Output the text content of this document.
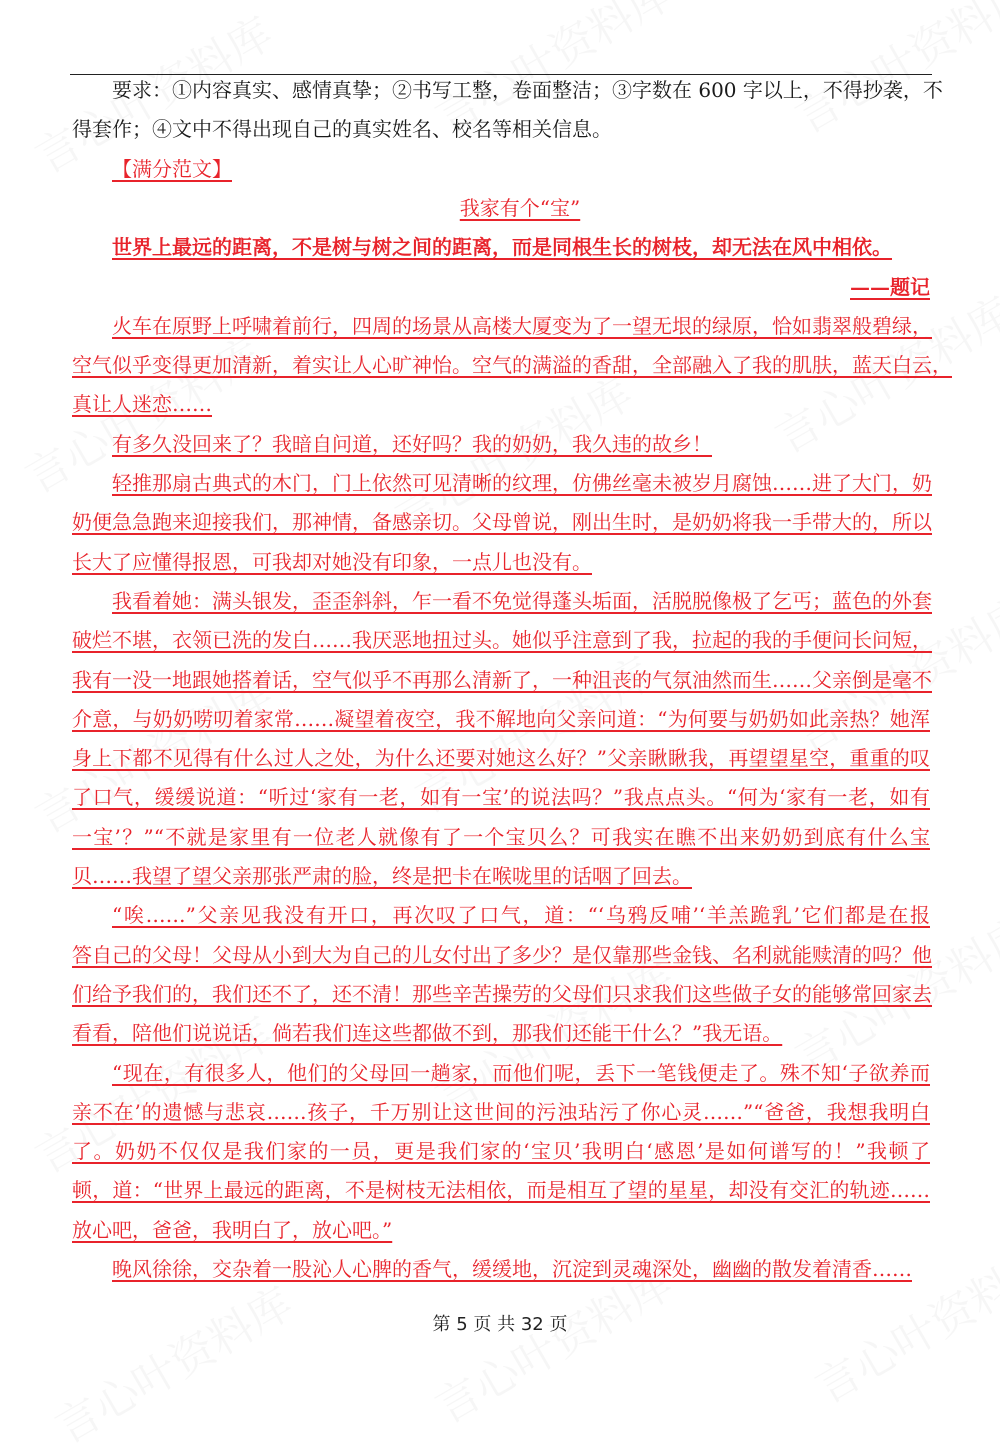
要求：①内容真实、感情真挚；②书写工整，卷面整洁；③字数在 600 字以上，不得抄袭，不
得套作；④文中不得出现自己的真实姓名、校名等相关信息。
【满分范文】
我家有个“宝”
世界上最远的距离，不是树与树之间的距离，而是同根生长的树枝，却无法在风中相依。
——题记
火车在原野上呼啸着前行，四周的场景从高楼大厦变为了一望无垠的绿原，恰如翡翠般碧绿，
空气似乎变得更加清新，着实让人心旷神怡。空气的满溢的香甜，全部融入了我的肌肤，蓝天白云，
真让人迷恋……
有多久没回来了？我暗自问道，还好吗？我的奶奶，我久违的故乡！
轻推那扇古典式的木门，门上依然可见清晰的纹理，仿佛丝毫未被岁月腐蚀……进了大门，奶
奶便急急跑来迎接我们，那神情，备感亲切。父母曾说，刚出生时，是奶奶将我一手带大的，所以
长大了应懂得报恩，可我却对她没有印象，一点儿也没有。
我看着她：满头银发，歪歪斜斜，乍一看不免觉得蓬头垢面，活脱脱像极了乞丐；蓝色的外套
破烂不堪，衣领已洗的发白……我厌恶地扭过头。她似乎注意到了我，拉起的我的手便问长问短，
我有一没一地跟她搭着话，空气似乎不再那么清新了，一种沮丧的气氛油然而生……父亲倒是毫不
介意，与奶奶唠叨着家常……凝望着夜空，我不解地向父亲问道：“为何要与奶奶如此亲热？她浑
身上下都不见得有什么过人之处，为什么还要对她这么好？”父亲瞅瞅我，再望望星空，重重的叹
了口气，缓缓说道：“听过‘家有一老，如有一宝’的说法吗？”我点点头。“何为‘家有一老，如有
一宝’？”“不就是家里有一位老人就像有了一个宝贝么？可我实在瞧不出来奶奶到底有什么宝
贝……我望了望父亲那张严肃的脸，终是把卡在喉咙里的话咽了回去。
“唉……”父亲见我没有开口，再次叹了口气，道：“‘乌鸦反哺’‘羊羔跪乳’它们都是在报
答自己的父母！父母从小到大为自己的儿女付出了多少？是仅靠那些金钱、名利就能赎清的吗？他
们给予我们的，我们还不了，还不清！那些辛苦操劳的父母们只求我们这些做子女的能够常回家去
看看，陪他们说说话，倘若我们连这些都做不到，那我们还能干什么？”我无语。
“现在，有很多人，他们的父母回一趟家，而他们呢，丢下一笔钱便走了。殊不知‘子欲养而
亲不在’的遗憾与悲哀……孩子，千万别让这世间的污浊玷污了你心灵……”“爸爸，我想我明白
了。奶奶不仅仅是我们家的一员，更是我们家的‘宝贝’我明白‘感恩’是如何谱写的！”我顿了
顿，道：“世界上最远的距离，不是树枝无法相依，而是相互了望的星星，却没有交汇的轨迹……
放心吧，爸爸，我明白了，放心吧。”
晚风徐徐，交杂着一股沁人心脾的香气，缓缓地，沉淀到灵魂深处，幽幽的散发着清香……
第 5 页 共 32 页
